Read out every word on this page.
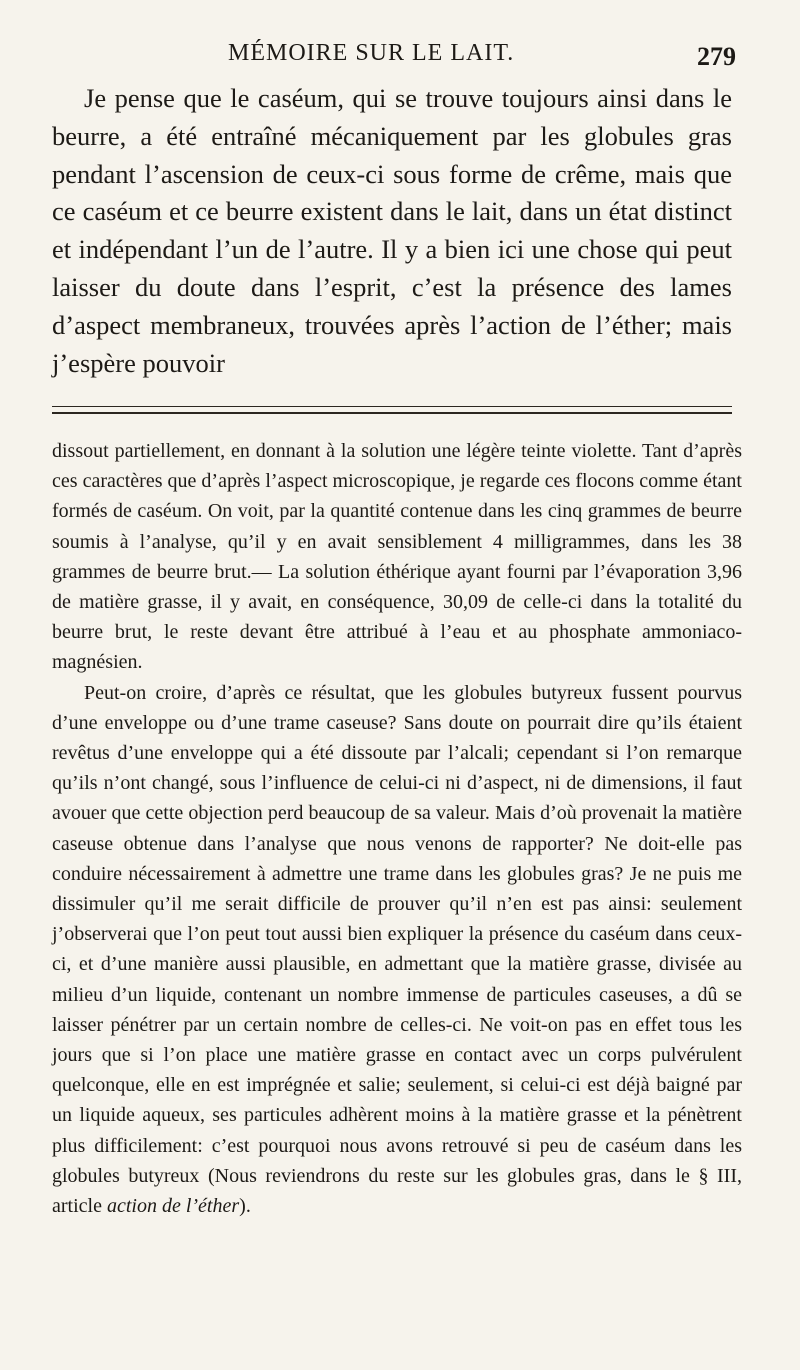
MÉMOIRE SUR LE LAIT.	279

Je pense que le caséum, qui se trouve toujours ainsi dans le beurre, a été entraîné mécaniquement par les globules gras pendant l’ascension de ceux-ci sous forme de crême, mais que ce caséum et ce beurre existent dans le lait, dans un état distinct et indépendant l’un de l’autre. Il y a bien ici une chose qui peut laisser du doute dans l’esprit, c’est la présence des lames d’aspect membraneux, trouvées après l’action de l’éther; mais j’espère pouvoir

dissout partiellement, en donnant à la solution une légère teinte violette. Tant d’après ces caractères que d’après l’aspect microscopique, je regarde ces flocons comme étant formés de caséum. On voit, par la quantité contenue dans les cinq grammes de beurre soumis à l’analyse, qu’il y en avait sensiblement 4 milligrammes, dans les 38 grammes de beurre brut.— La solution éthérique ayant fourni par l’évaporation 3,96 de matière grasse, il y avait, en conséquence, 30,09 de celle-ci dans la totalité du beurre brut, le reste devant être attribué à l’eau et au phosphate ammoniaco-magnésien.

Peut-on croire, d’après ce résultat, que les globules butyreux fussent pourvus d’une enveloppe ou d’une trame caseuse? Sans doute on pourrait dire qu’ils étaient revêtus d’une enveloppe qui a été dissoute par l’alcali; cependant si l’on remarque qu’ils n’ont changé, sous l’influence de celui-ci ni d’aspect, ni de dimensions, il faut avouer que cette objection perd beaucoup de sa valeur. Mais d’où provenait la matière caseuse obtenue dans l’analyse que nous venons de rapporter? Ne doit-elle pas conduire nécessairement à admettre une trame dans les globules gras? Je ne puis me dissimuler qu’il me serait difficile de prouver qu’il n’en est pas ainsi: seulement j’observerai que l’on peut tout aussi bien expliquer la présence du caséum dans ceux-ci, et d’une manière aussi plausible, en admettant que la matière grasse, divisée au milieu d’un liquide, contenant un nombre immense de particules caseuses, a dû se laisser pénétrer par un certain nombre de celles-ci. Ne voit-on pas en effet tous les jours que si l’on place une matière grasse en contact avec un corps pulvérulent quelconque, elle en est imprégnée et salie; seulement, si celui-ci est déjà baigné par un liquide aqueux, ses particules adhèrent moins à la matière grasse et la pénètrent plus difficilement: c’est pourquoi nous avons retrouvé si peu de caséum dans les globules butyreux (Nous reviendrons du reste sur les globules gras, dans le § III, article action de l’éther).
